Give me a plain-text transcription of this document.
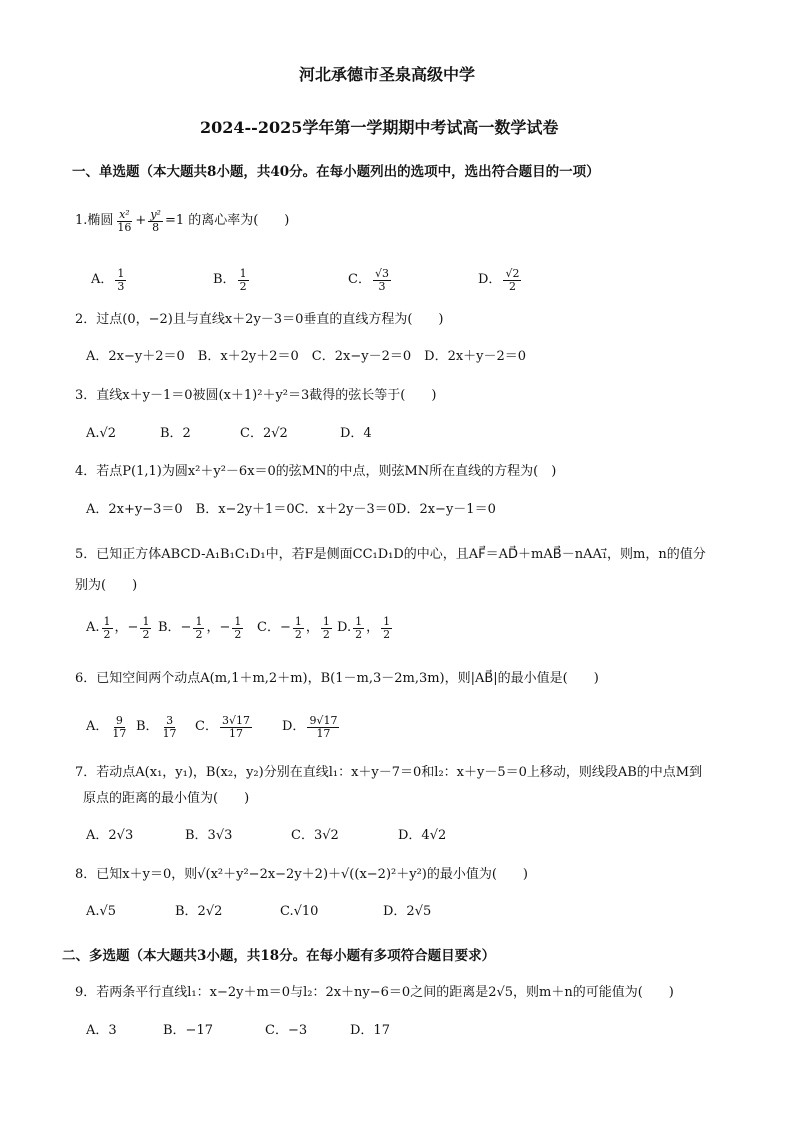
河北承德市圣泉高级中学
2024--2025学年第一学期期中考试高一数学试卷
一、单选题（本大题共8小题，共40分。在每小题列出的选项中，选出符合题目的一项）
1.椭圆 $\frac{\text{x²}}{16} + \frac{\text{y²}}{8} =1$ 的离心率为(　　)
A． $\frac{1}{3}$	B． $\frac{1}{2}$	C． $\frac{√3}{3}$	D． $\frac{√2}{2}$
2．过点(0，−2)且与直线x＋2y－3＝0垂直的直线方程为(　　)
A．2x−y＋2＝0　B．x＋2y＋2＝0　C．2x−y－2＝0　D．2x＋y－2＝0
3．直线x＋y－1＝0被圆(x＋1)²＋y²＝3截得的弦长等于(　　)
A.√2	B．2	C．2√2	D．4
4．若点P(1,1)为圆x²＋y²－6x＝0的弦MN的中点，则弦MN所在直线的方程为(　)
A．2x+y−3＝0　B．x−2y＋1＝0C．x＋2y－3＝0D．2x−y－1＝0
5．已知正方体ABCD-A₁B₁C₁D₁中，若F是侧面CC₁D₁D的中心，且AF⃗＝AD⃗＋mAB⃗－nAA₁⃗，则m，n的值分
别为(　　)
A. $\frac{1}{2}$ ，− $\frac{1}{2}$ B．− $\frac{1}{2}$ ，− $\frac{1}{2}$ C．− $\frac{1}{2}$ ， $\frac{1}{2} D$. $\frac{1}{2}$ ， $\frac{1}{2}$
6．已知空间两个动点A(m,1＋m,2＋m)，B(1－m,3－2m,3m)，则|AB⃗|的最小值是(　　)
A． $\frac{9}{17}$ B． $\frac{3}{17}$ C． $\frac{3√17}{17}$ D． $\frac{9√17}{17}$
7．若动点A(x₁，y₁)，B(x₂，y₂)分别在直线l₁：x＋y－7＝0和l₂：x＋y－5＝0上移动，则线段AB的中点M到
原点的距离的最小值为(　　)
A．2√3	B．3√3	C．3√2	D．4√2
8．已知x＋y＝0，则√(x²＋y²−2x−2y＋2)＋√((x−2)²＋y²)的最小值为(　　)
A.√5	B．2√2	C.√10	D．2√5
二、多选题（本大题共3小题，共18分。在每小题有多项符合题目要求）
9．若两条平行直线l₁：x−2y＋m＝0与l₂：2x＋ny−6＝0之间的距离是2√5，则m＋n的可能值为(　　)
A．3	B．−17	C．−3	D．17
